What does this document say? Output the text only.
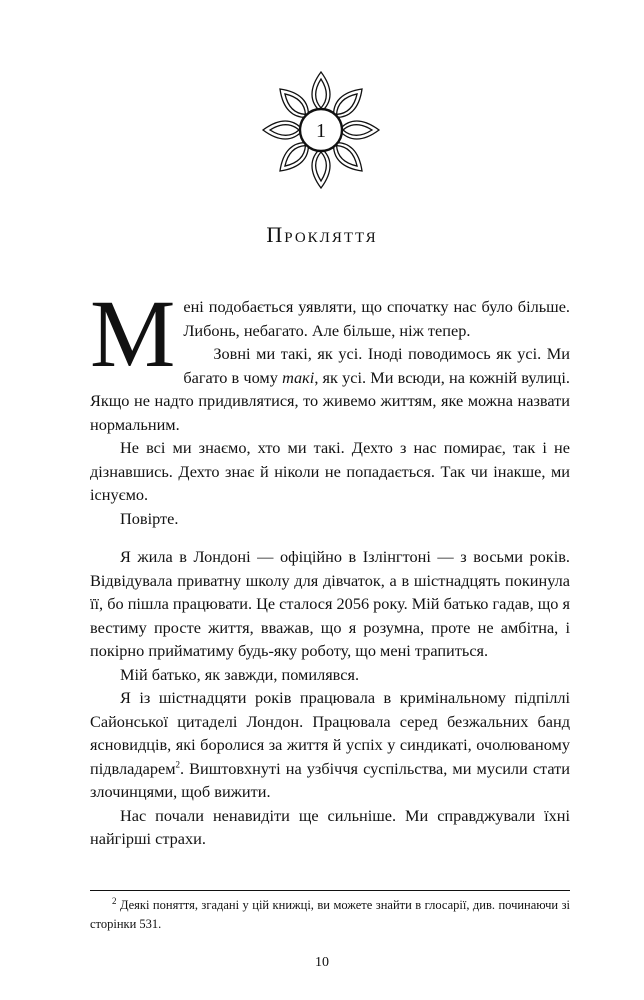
1
Прокляття

Мені подобається уявляти, що спочатку нас було більше. Либонь, небагато. Але більше, ніж тепер.

Зовні ми такі, як усі. Іноді поводимось як усі. Ми багато в чому такі, як усі. Ми всюди, на кожній вулиці. Якщо не надто придивлятися, то живемо життям, яке можна назвати нормальним.

Не всі ми знаємо, хто ми такі. Дехто з нас помирає, так і не дізнавшись. Дехто знає й ніколи не попадається. Так чи інакше, ми існуємо.

Повірте.

Я жила в Лондоні — офіційно в Ізлінгтоні — з восьми років. Відвідувала приватну школу для дівчаток, а в шістнадцять покинула її, бо пішла працювати. Це сталося 2056 року. Мій батько гадав, що я вестиму просте життя, вважав, що я розумна, проте не амбітна, і покірно прийматиму будь-яку роботу, що мені трапиться.

Мій батько, як завжди, помилявся.

Я із шістнадцяти років працювала в кримінальному підпіллі Сайонської цитаделі Лондон. Працювала серед безжальних банд ясновидців, які боролися за життя й успіх у синдикаті, очолюваному підвладарем$^2$. Виштовхнуті на узбіччя суспільства, ми мусили стати злочинцями, щоб вижити.

Нас почали ненавидіти ще сильніше. Ми справджували їхні найгірші страхи.

$^2$ Деякі поняття, згадані у цій книжці, ви можете знайти в глосарії, див. починаючи зі сторінки 531.
10
